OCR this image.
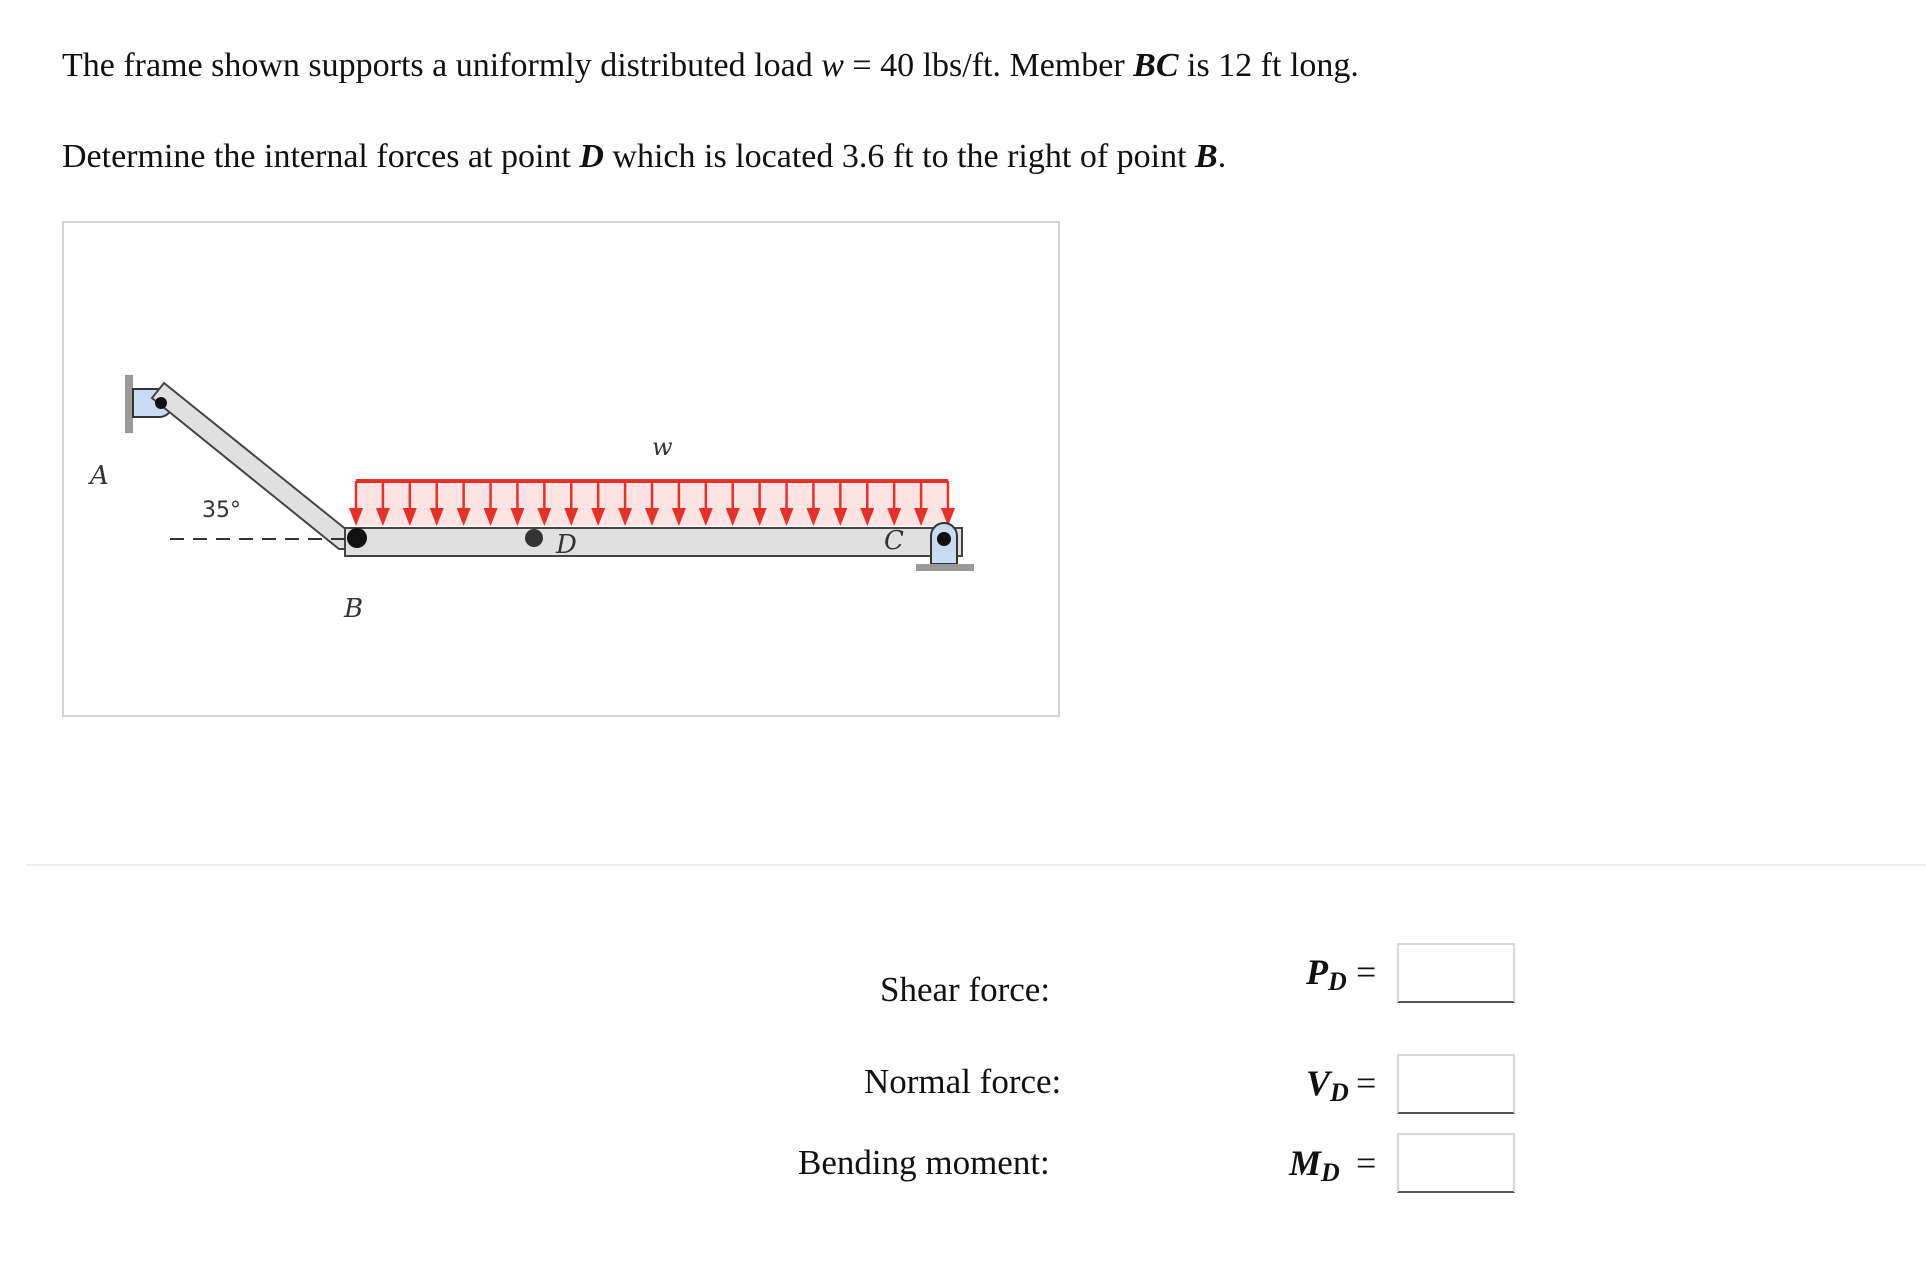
The frame shown supports a uniformly distributed load w = 40 lbs/ft. Member BC is 12 ft long.
Determine the internal forces at point D which is located 3.6 ft to the right of point B.
A
B
C
D
w
35°
Shear force:	$P_D$ =
Normal force:	$V_D$ =
Bending moment:	$M_D$ =
